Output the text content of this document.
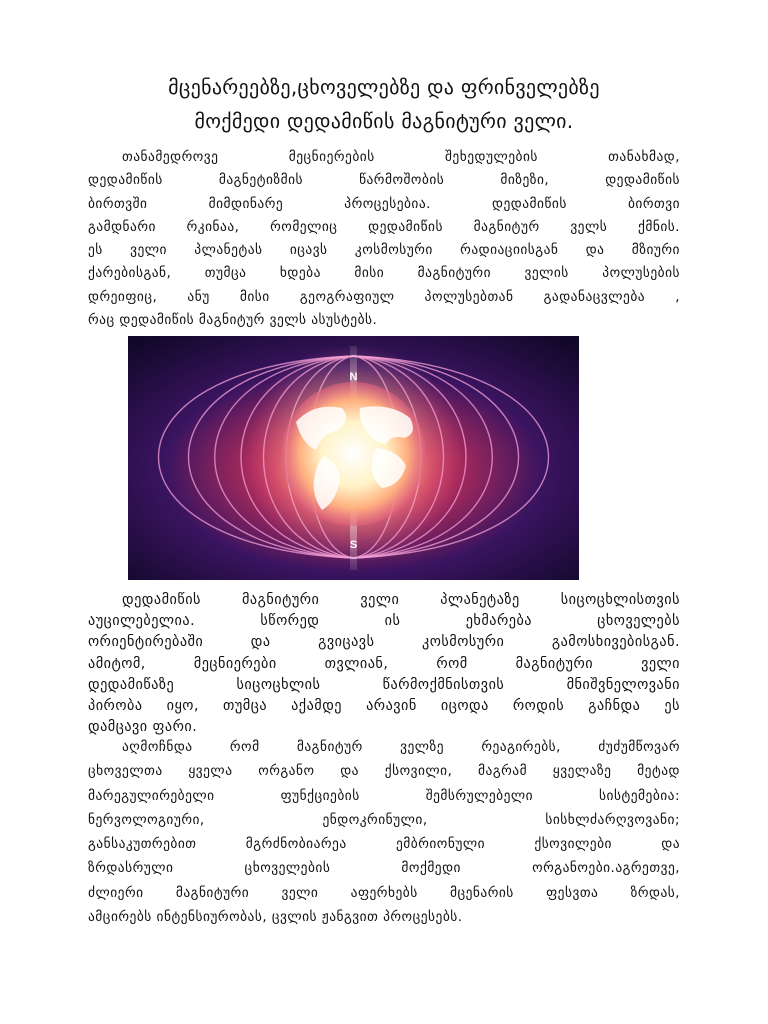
მცენარეებზე,ცხოველებზე და ფრინველებზე
მოქმედი დედამიწის მაგნიტური ველი.
თანამედროვე მეცნიერების შეხედულების თანახმად,
დედამიწის მაგნეტიზმის წარმოშობის მიზეზი, დედამიწის
ბირთვში მიმდინარე პროცესებია. დედამიწის ბირთვი
გამდნარი რკინაა, რომელიც დედამიწის მაგნიტურ ველს ქმნის.
ეს ველი პლანეტას იცავს კოსმოსური რადიაციისგან და მზიური
ქარებისგან, თუმცა ხდება მისი მაგნიტური ველის პოლუსების
დრეიფიც, ანუ მისი გეოგრაფიულ პოლუსებთან გადანაცვლება ,
რაც დედამიწის მაგნიტურ ველს ასუსტებს.
N
S
დედამიწის მაგნიტური ველი პლანეტაზე სიცოცხლისთვის
აუცილებელია. სწორედ ის ეხმარება ცხოველებს
ორიენტირებაში და გვიცავს კოსმოსური გამოსხივებისგან.
ამიტომ, მეცნიერები თვლიან, რომ მაგნიტური ველი
დედამიწაზე სიცოცხლის წარმოქმნისთვის მნიშვნელოვანი
პირობა იყო, თუმცა აქამდე არავინ იცოდა როდის გაჩნდა ეს
დამცავი ფარი.
აღმოჩნდა რომ მაგნიტურ ველზე რეაგირებს, ძუძუმწოვარ
ცხოველთა ყველა ორგანო და ქსოვილი, მაგრამ ყველაზე მეტად
მარეგულირებელი ფუნქციების შემსრულებელი სისტემებია:
ნერვოლოგიური, ენდოკრინული, სისხლძარღვოვანი;
განსაკუთრებით მგრძნობიარეა ემბრიონული ქსოვილები და
ზრდასრული ცხოველების მოქმედი ორგანოები.აგრეთვე,
ძლიერი მაგნიტური ველი აფერხებს მცენარის ფესვთა ზრდას,
ამცირებს ინტენსიურობას, ცვლის ჟანგვით პროცესებს.
